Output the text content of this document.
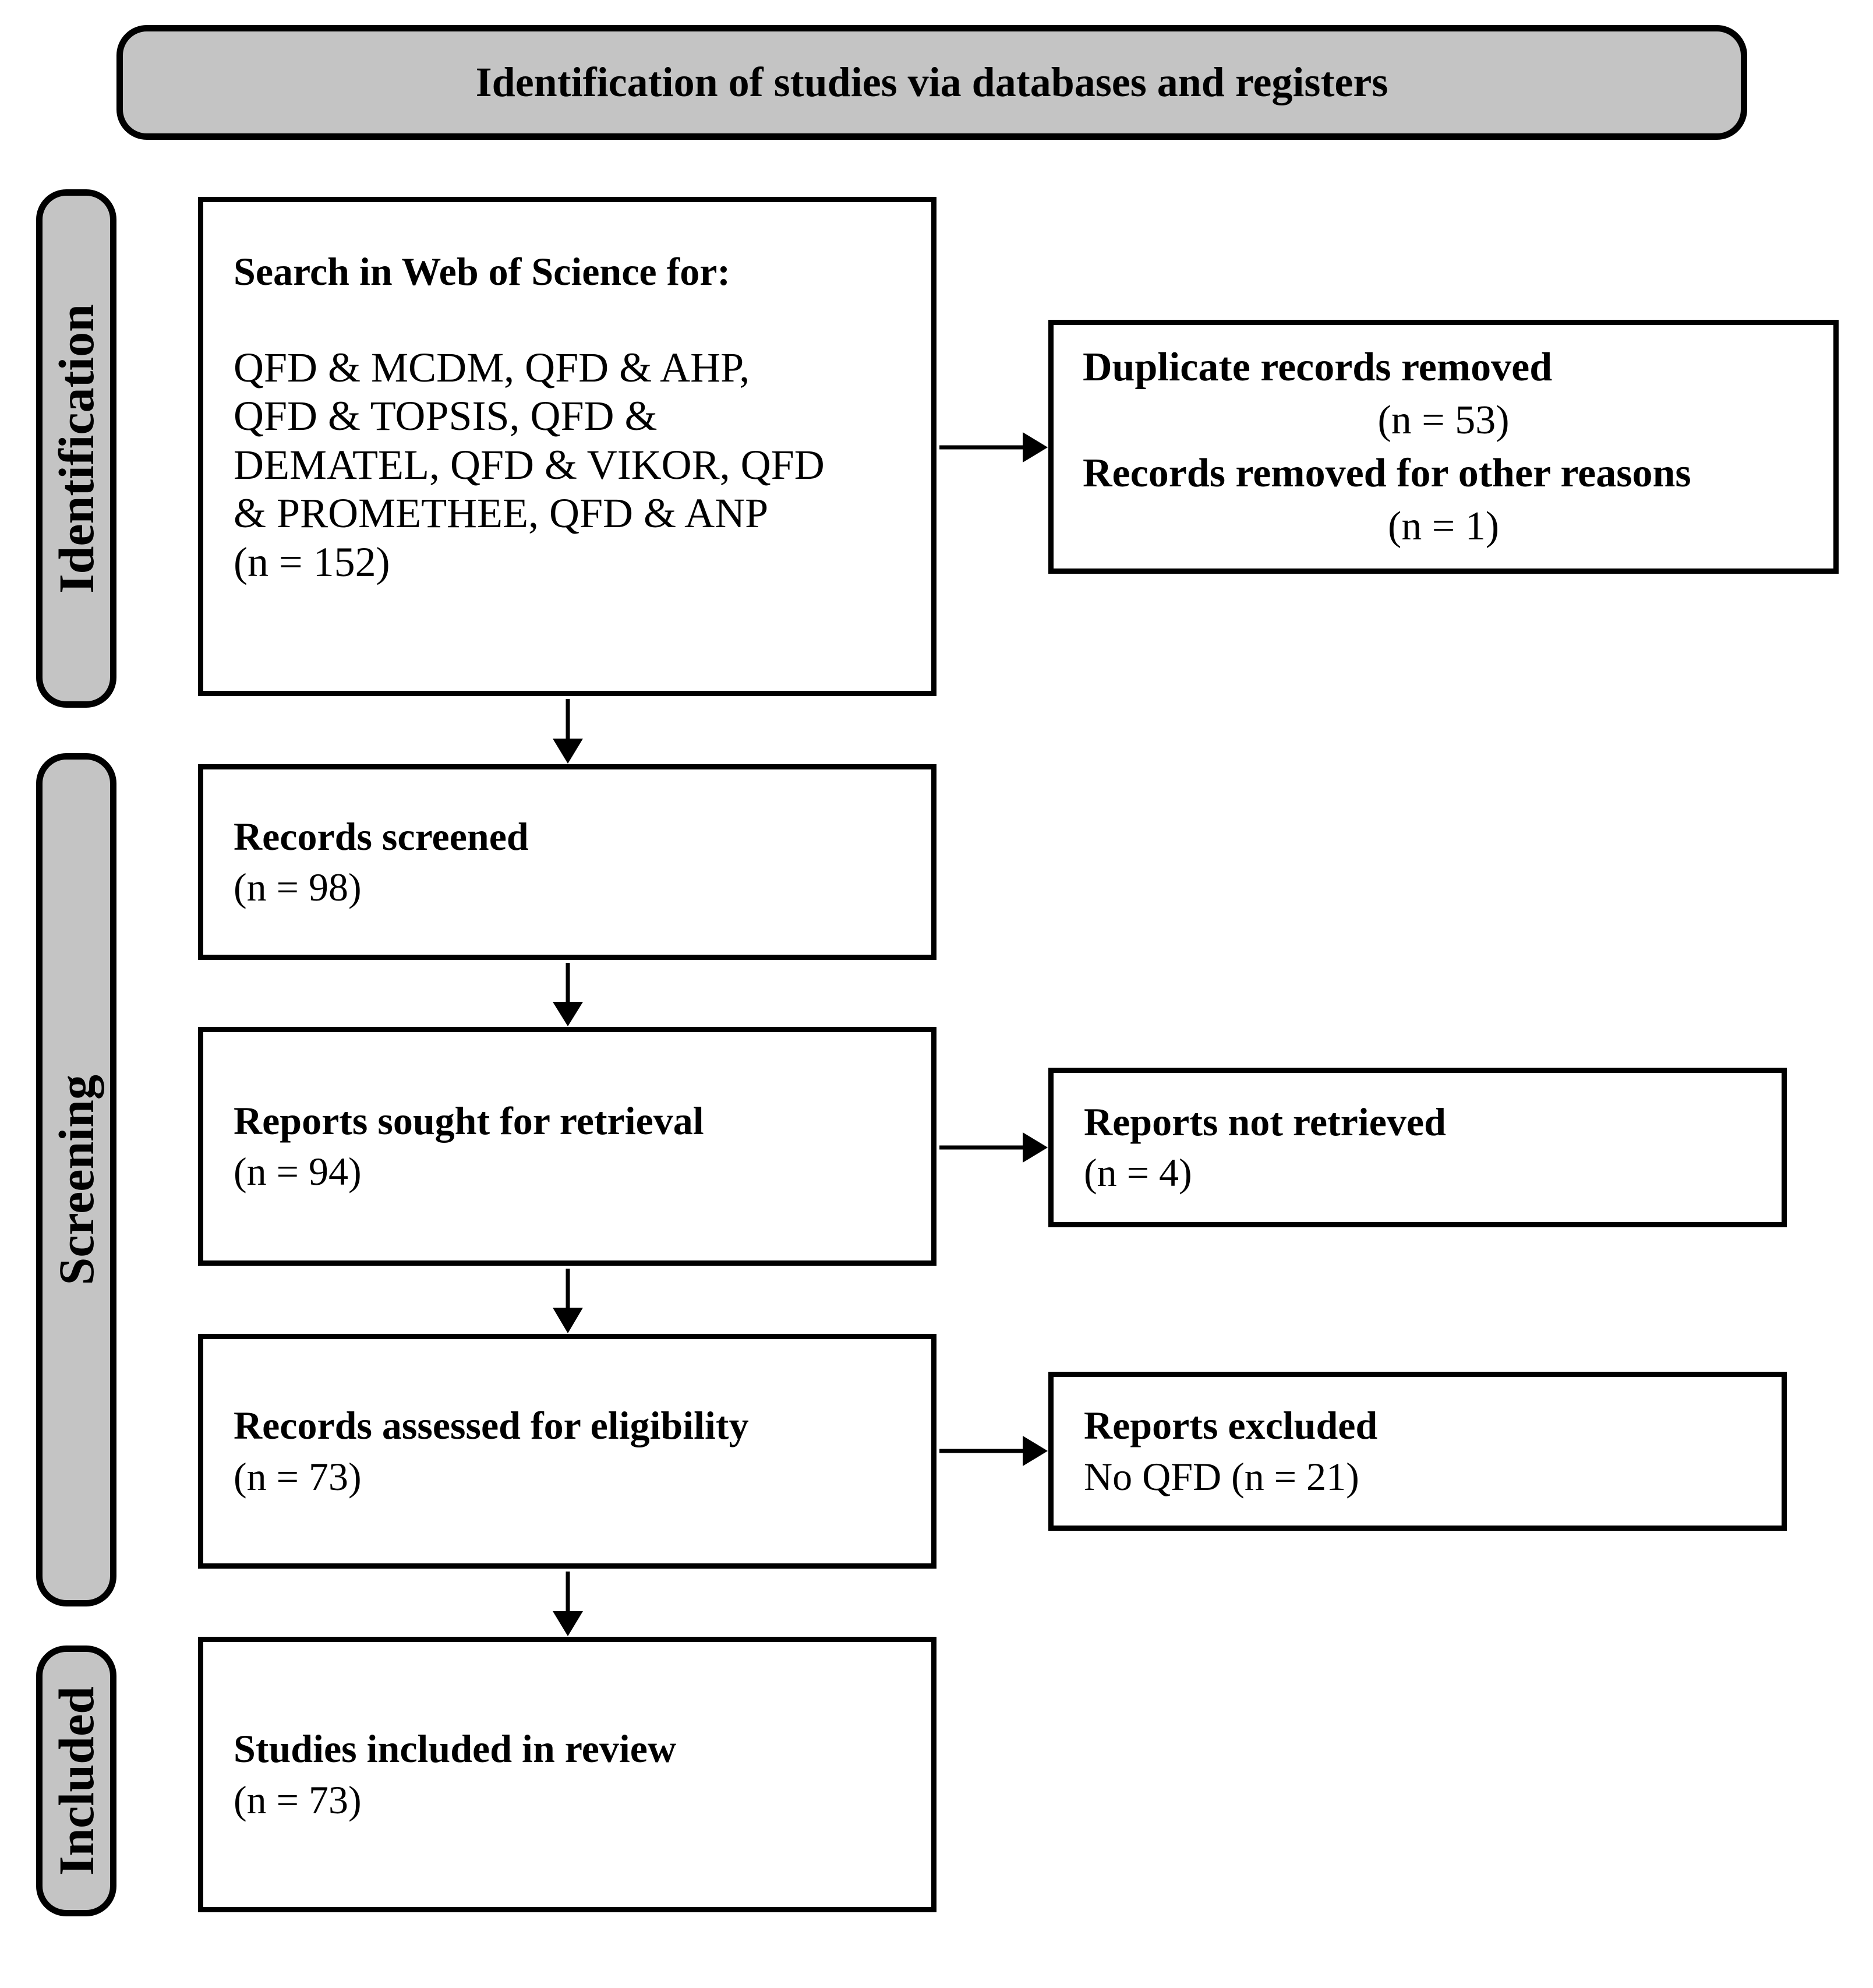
Identification of studies via databases and registers
Identification
Screening
Included
Search in Web of Science for:
QFD & MCDM, QFD & AHP, QFD & TOPSIS, QFD & DEMATEL, QFD & VIKOR, QFD & PROMETHEE, QFD & ANP
(n = 152)
Records screened
(n = 98)
Reports sought for retrieval
(n = 94)
Records assessed for eligibility
(n = 73)
Studies included in review
(n = 73)
Duplicate records removed
(n = 53)
Records removed for other reasons
(n = 1)
Reports not retrieved
(n = 4)
Reports excluded
No QFD (n = 21)
